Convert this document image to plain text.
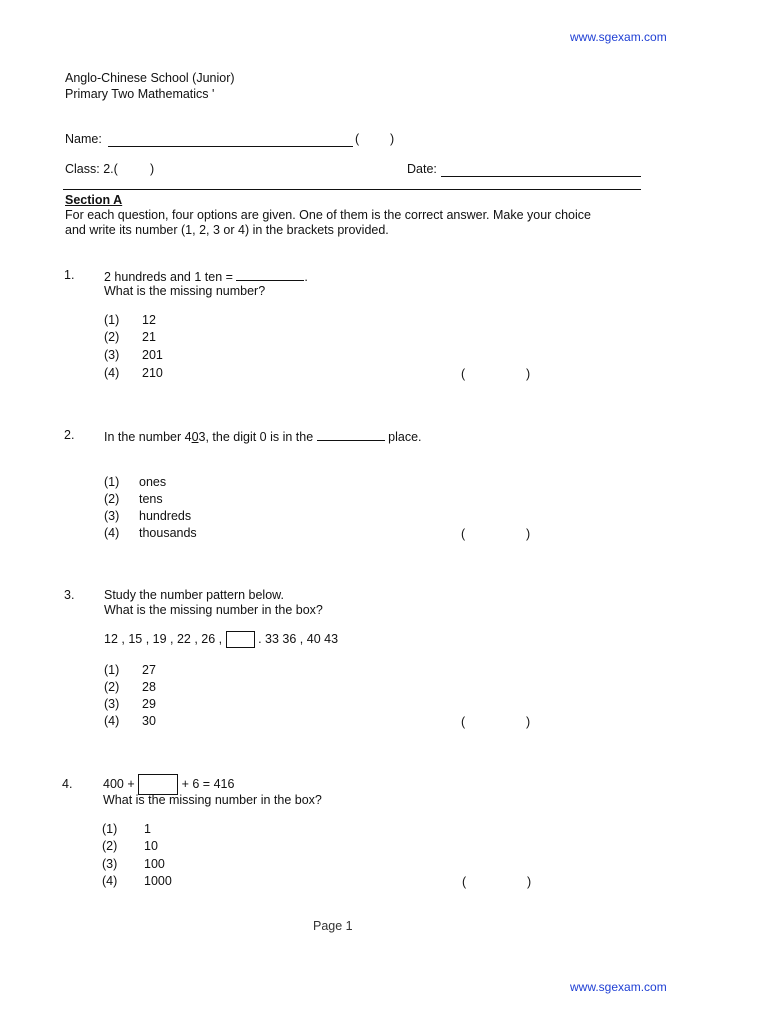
www.sgexam.com
Anglo-Chinese School (Junior)
Primary Two Mathematics '
Name:	( )
Class: 2.(	)	Date:
Section A
For each question, four options are given. One of them is the correct answer. Make your choice
and write its number (1, 2, 3 or 4) in the brackets provided.
1. 2 hundreds and 1 ten =	.
What is the missing number?
(1) 12
(2) 21
(3) 201
(4) 210	(	)
2. In the number 403, the digit 0 is in the	place.
(1) ones
(2) tens
(3) hundreds
(4) thousands	(	)
3. Study the number pattern below.
What is the missing number in the box?
12 , 15 , 19 , 22 , 26 ,	. 33 36 , 40 43
(1) 27
(2) 28
(3) 29
(4) 30	(	)
4. 400 +	+ 6 = 416
What is the missing number in the box?
(1) 1
(2) 10
(3) 100
(4) 1000	(	)
Page 1
www.sgexam.com
